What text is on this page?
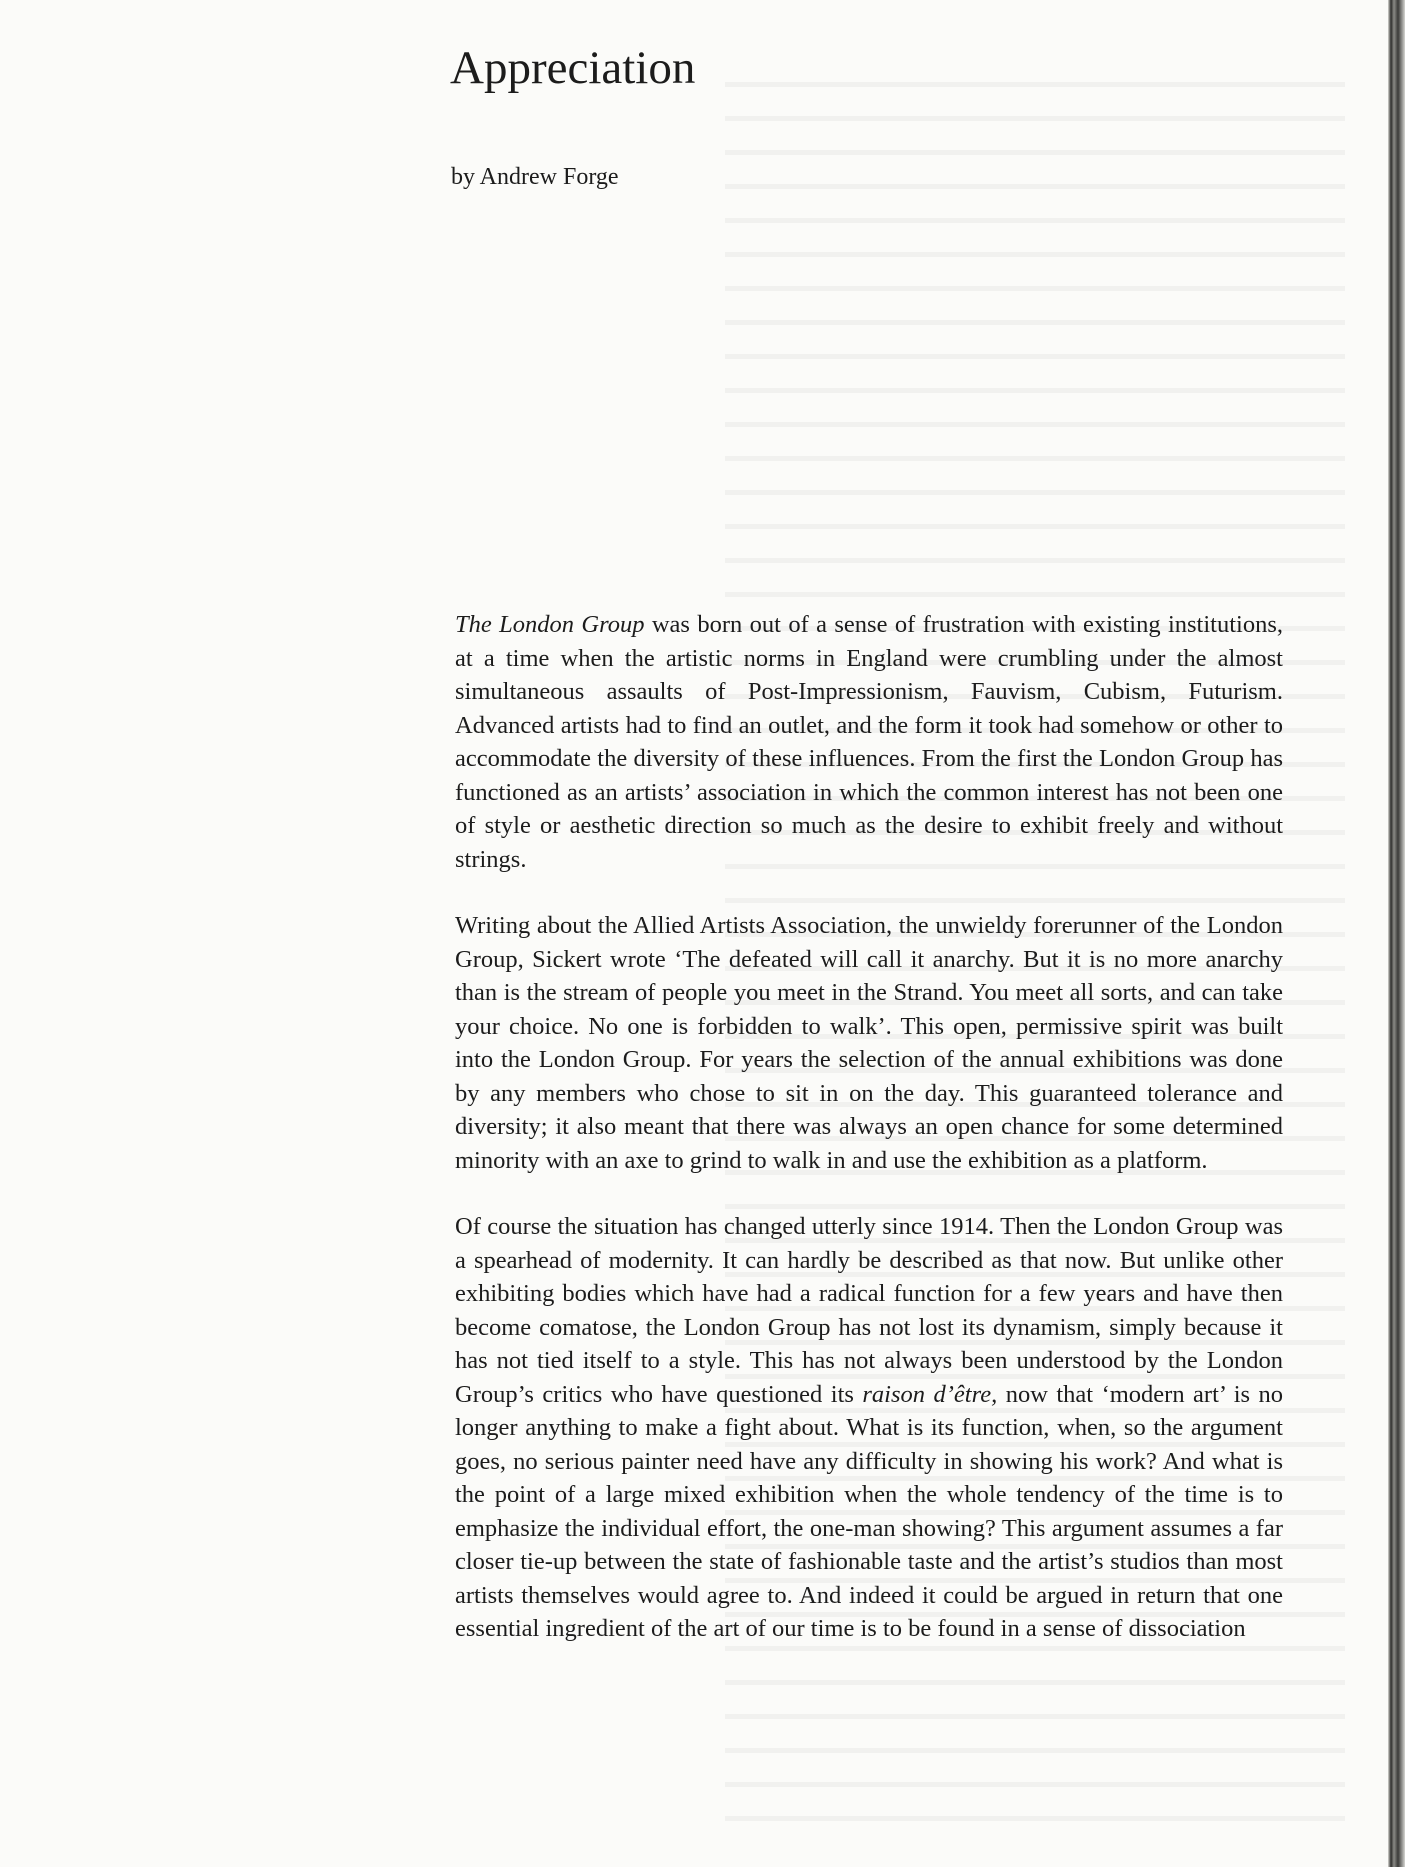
Appreciation

by Andrew Forge

The London Group was born out of a sense of frustration with existing institutions, at a time when the artistic norms in England were crumbling under the almost simultaneous assaults of Post-Impressionism, Fauvism, Cubism, Futurism. Advanced artists had to find an outlet, and the form it took had somehow or other to accommodate the diversity of these influences. From the first the London Group has functioned as an artists’ association in which the common interest has not been one of style or aesthetic direction so much as the desire to exhibit freely and without strings.

Writing about the Allied Artists Association, the unwieldy forerunner of the London Group, Sickert wrote ‘The defeated will call it anarchy. But it is no more anarchy than is the stream of people you meet in the Strand. You meet all sorts, and can take your choice. No one is forbidden to walk’. This open, permissive spirit was built into the London Group. For years the selection of the annual exhibitions was done by any members who chose to sit in on the day. This guaranteed tolerance and diversity; it also meant that there was always an open chance for some determined minority with an axe to grind to walk in and use the exhibition as a platform.

Of course the situation has changed utterly since 1914. Then the London Group was a spearhead of modernity. It can hardly be described as that now. But unlike other exhibiting bodies which have had a radical function for a few years and have then become comatose, the London Group has not lost its dynamism, simply because it has not tied itself to a style. This has not always been understood by the London Group’s critics who have questioned its raison d’être, now that ‘modern art’ is no longer anything to make a fight about. What is its function, when, so the argument goes, no serious painter need have any difficulty in showing his work? And what is the point of a large mixed exhibition when the whole tendency of the time is to emphasize the individual effort, the one-man showing? This argument assumes a far closer tie-up between the state of fashionable taste and the artist’s studios than most artists themselves would agree to. And indeed it could be argued in return that one essential ingredient of the art of our time is to be found in a sense of dissociation
